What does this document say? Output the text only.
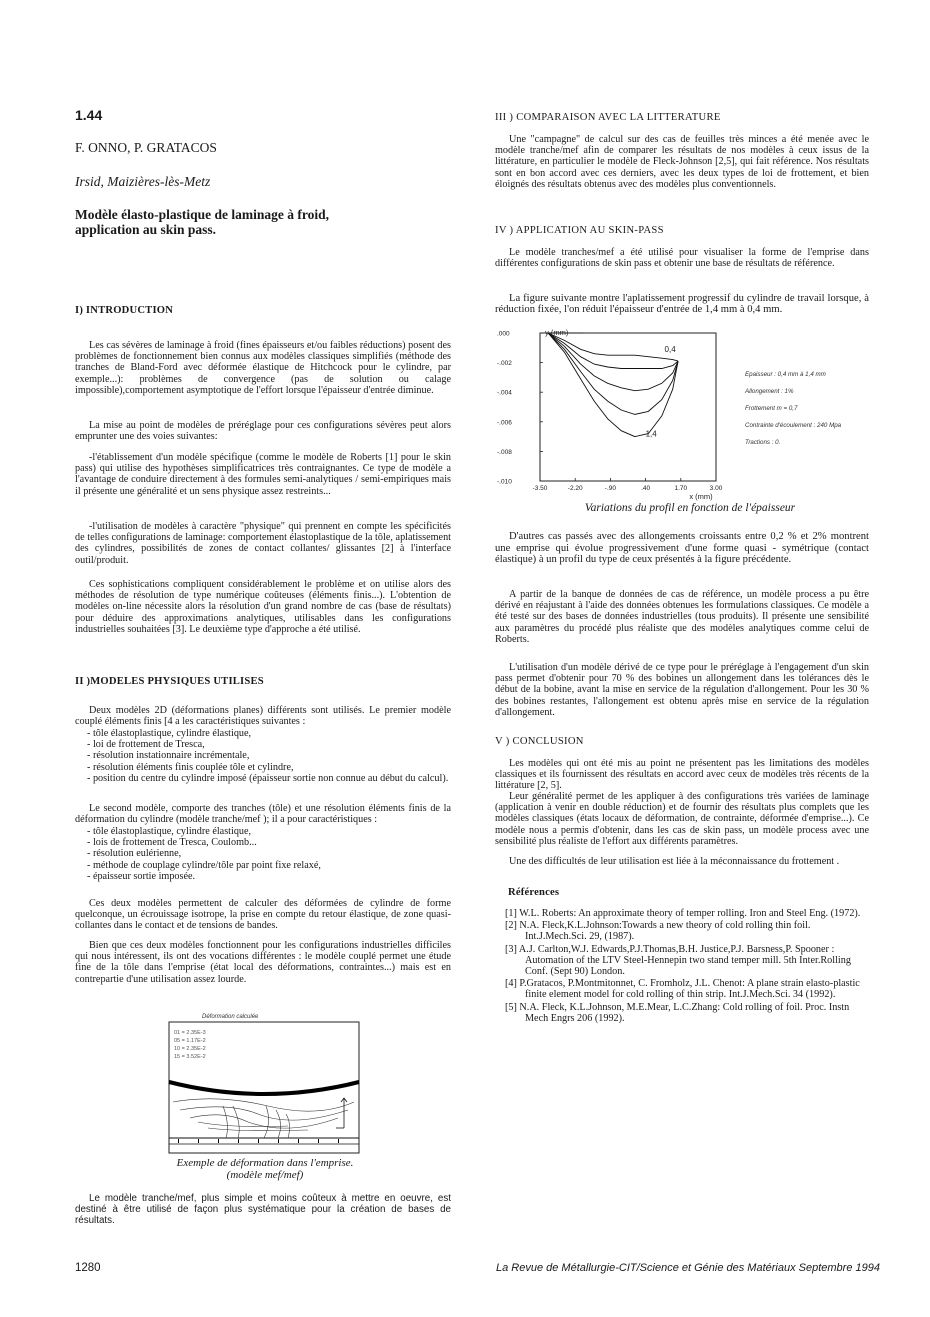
1.44
F. ONNO, P. GRATACOS
Irsid, Maizières-lès-Metz
Modèle élasto-plastique de laminage à froid,
application au skin pass.
I) INTRODUCTION

Les cas sévères de laminage à froid (fines épaisseurs et/ou faibles réductions) posent des problèmes de fonctionnement bien connus aux modèles classiques simplifiés (méthode des tranches de Bland-Ford avec déformée élastique de Hitchcock pour le cylindre, par exemple...): problèmes de convergence (pas de solution ou calage impossible),comportement asymptotique de l'effort lorsque l'épaisseur d'entrée diminue.

La mise au point de modèles de préréglage pour ces configurations sévères peut alors emprunter une des voies suivantes:

-l'établissement d'un modèle spécifique (comme le modèle de Roberts [1] pour le skin pass) qui utilise des hypothèses simplificatrices très contraignantes. Ce type de modèle a l'avantage de conduire directement à des formules semi-analytiques / semi-empiriques mais il présente une généralité et un sens physique assez restreints...

-l'utilisation de modèles à caractère "physique" qui prennent en compte les spécificités de telles configurations de laminage: comportement élastoplastique de la tôle, aplatissement des cylindres, possibilités de zones de contact collantes/ glissantes [2] à l'interface outil/produit.

Ces sophistications compliquent considérablement le problème et on utilise alors des méthodes de résolution de type numérique coûteuses (éléments finis...). L'obtention de modèles on-line nécessite alors la résolution d'un grand nombre de cas (base de résultats) pour déduire des approximations analytiques, utilisables dans les configurations industrielles souhaitées [3]. Le deuxième type d'approche a été utilisé.

II )MODELES PHYSIQUES UTILISES

Deux modèles 2D (déformations planes) différents sont utilisés. Le premier modèle couplé éléments finis [4 a les caractéristiques suivantes :

- tôle élastoplastique, cylindre élastique,
- loi de frottement de Tresca,
- résolution instationnaire incrémentale,
- résolution éléments finis couplée tôle et cylindre,
- position du centre du cylindre imposé (épaisseur sortie non connue au début du calcul).

Le second modèle, comporte des tranches (tôle) et une résolution éléments finis de la déformation du cylindre (modèle tranche/mef ); il a pour caractéristiques :

- tôle élastoplastique, cylindre élastique,
- lois de frottement de Tresca, Coulomb...
- résolution eulérienne,
- méthode de couplage cylindre/tôle par point fixe relaxé,
- épaisseur sortie imposée.

Ces deux modèles permettent de calculer des déformées de cylindre de forme quelconque, un écrouissage isotrope, la prise en compte du retour élastique, de zone quasi-collantes dans le contact et de tensions de bandes.

Bien que ces deux modèles fonctionnent pour les configurations industrielles difficiles qui nous intéressent, ils ont des vocations différentes : le modèle couplé permet une étude fine de la tôle dans l'emprise (état local des déformations, contraintes...) mais est en contrepartie d'une utilisation assez lourde.

Déformation calculée
01 = 2.35E-3
05 = 1.17E-2
10 = 2.35E-2
15 = 3.52E-2
Exemple de déformation dans l'emprise.
(modèle mef/mef)

Le modèle tranche/mef, plus simple et moins coûteux à mettre en oeuvre, est destiné à être utilisé de façon plus systématique pour la création de bases de résultats.

III ) COMPARAISON AVEC LA LITTERATURE

Une "campagne" de calcul sur des cas de feuilles très minces a été menée avec le modèle tranche/mef afin de comparer les résultats de nos modèles à ceux issus de la littérature, en particulier le modèle de Fleck-Johnson [2,5], qui fait référence. Nos résultats sont en bon accord avec ces derniers, avec les deux types de loi de frottement, et bien éloignés des résultats obtenus avec des modèles plus conventionnels.

IV ) APPLICATION AU SKIN-PASS

Le modèle tranches/mef a été utilisé pour visualiser la forme de l'emprise dans différentes configurations de skin pass et obtenir une base de résultats de référence.

La figure suivante montre l'aplatissement progressif du cylindre de travail lorsque, à réduction fixée, l'on réduit l'épaisseur d'entrée de 1,4 mm à 0,4 mm.

.000
-.002
-.004
-.006
-.008
-.010
-3.50	-2.20	-.90	.40	1.70	3.00
y (mm)
x (mm)
0,4
1,4
Epaisseur : 0,4 mm à 1,4 mm
Allongement : 1%
Frottement m = 0,7
Contrainte d'écoulement : 240 Mpa
Tractions : 0.
Variations du profil en fonction de l'épaisseur

D'autres cas passés avec des allongements croissants entre 0,2 % et 2% montrent une emprise qui évolue progressivement d'une forme quasi - symétrique (contact élastique) à un profil du type de ceux présentés à la figure précédente.

A partir de la banque de données de cas de référence, un modèle process a pu être dérivé en réajustant à l'aide des données obtenues les formulations classiques. Ce modèle a été testé sur des bases de données industrielles (tous produits). Il présente une sensibilité aux paramètres du procédé plus réaliste que des modèles analytiques comme celui de Roberts.

L'utilisation d'un modèle dérivé de ce type pour le préréglage à l'engagement d'un skin pass permet d'obtenir pour 70 % des bobines un allongement dans les tolérances dès le début de la bobine, avant la mise en service de la régulation d'allongement. Pour les 30 % des bobines restantes, l'allongement est obtenu après mise en service de la régulation d'allongement.

V ) CONCLUSION

Les modèles qui ont été mis au point ne présentent pas les limitations des modèles classiques et ils fournissent des résultats en accord avec ceux de modèles très récents de la littérature [2, 5].

Leur généralité permet de les appliquer à des configurations très variées de laminage (application à venir en double réduction) et de fournir des résultats plus complets que les modèles classiques (états locaux de déformation, de contrainte, déformée d'emprise...). Ce modèle nous a permis d'obtenir, dans les cas de skin pass, un modèle process avec une sensibilité plus réaliste de l'effort aux différents paramètres.

Une des difficultés de leur utilisation est liée à la méconnaissance du frottement .

Références

[1] W.L. Roberts: An approximate theory of temper rolling. Iron and Steel Eng. (1972).

[2] N.A. Fleck,K.L.Johnson:Towards a new theory of cold rolling thin foil. Int.J.Mech.Sci. 29, (1987).

[3] A.J. Carlton,W.J. Edwards,P.J.Thomas,B.H. Justice,P.J. Barsness,P. Spooner : Automation of the LTV Steel-Hennepin two stand temper mill. 5th Inter.Rolling Conf. (Sept 90) London.

[4] P.Gratacos, P.Montmitonnet, C. Fromholz, J.L. Chenot: A plane strain elasto-plastic finite element model for cold rolling of thin strip. Int.J.Mech.Sci. 34 (1992).

[5] N.A. Fleck, K.L.Johnson, M.E.Mear, L.C.Zhang: Cold rolling of foil. Proc. Instn Mech Engrs 206 (1992).

1280	La Revue de Métallurgie-CIT/Science et Génie des Matériaux Septembre 1994
